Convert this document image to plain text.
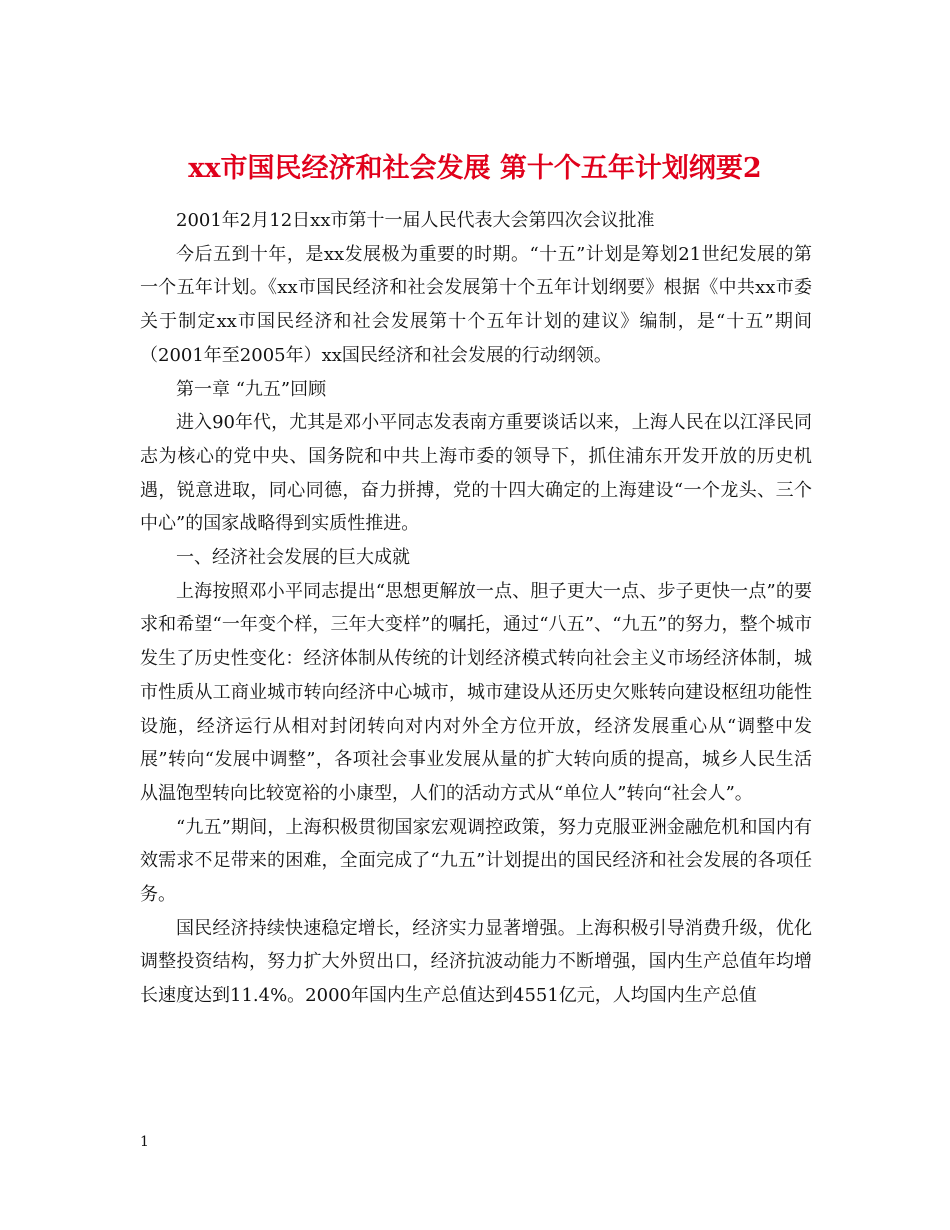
xx市国民经济和社会发展 第十个五年计划纲要2

2001年2月12日xx市第十一届人民代表大会第四次会议批准

今后五到十年，是xx发展极为重要的时期。“十五”计划是筹划21世纪发展的第一个五年计划。《xx市国民经济和社会发展第十个五年计划纲要》根据《中共xx市委关于制定xx市国民经济和社会发展第十个五年计划的建议》编制，是“十五”期间（2001年至2005年）xx国民经济和社会发展的行动纲领。

第一章 “九五”回顾

进入90年代，尤其是邓小平同志发表南方重要谈话以来，上海人民在以江泽民同志为核心的党中央、国务院和中共上海市委的领导下，抓住浦东开发开放的历史机遇，锐意进取，同心同德，奋力拼搏，党的十四大确定的上海建设“一个龙头、三个中心”的国家战略得到实质性推进。

一、经济社会发展的巨大成就

上海按照邓小平同志提出“思想更解放一点、胆子更大一点、步子更快一点”的要求和希望“一年变个样，三年大变样”的嘱托，通过“八五”、“九五”的努力，整个城市发生了历史性变化：经济体制从传统的计划经济模式转向社会主义市场经济体制，城市性质从工商业城市转向经济中心城市，城市建设从还历史欠账转向建设枢纽功能性设施，经济运行从相对封闭转向对内对外全方位开放，经济发展重心从“调整中发展”转向“发展中调整”，各项社会事业发展从量的扩大转向质的提高，城乡人民生活从温饱型转向比较宽裕的小康型，人们的活动方式从“单位人”转向“社会人”。

“九五”期间，上海积极贯彻国家宏观调控政策，努力克服亚洲金融危机和国内有效需求不足带来的困难，全面完成了“九五”计划提出的国民经济和社会发展的各项任务。

国民经济持续快速稳定增长，经济实力显著增强。上海积极引导消费升级，优化调整投资结构，努力扩大外贸出口，经济抗波动能力不断增强，国内生产总值年均增长速度达到11.4%。2000年国内生产总值达到4551亿元，人均国内生产总值

1
